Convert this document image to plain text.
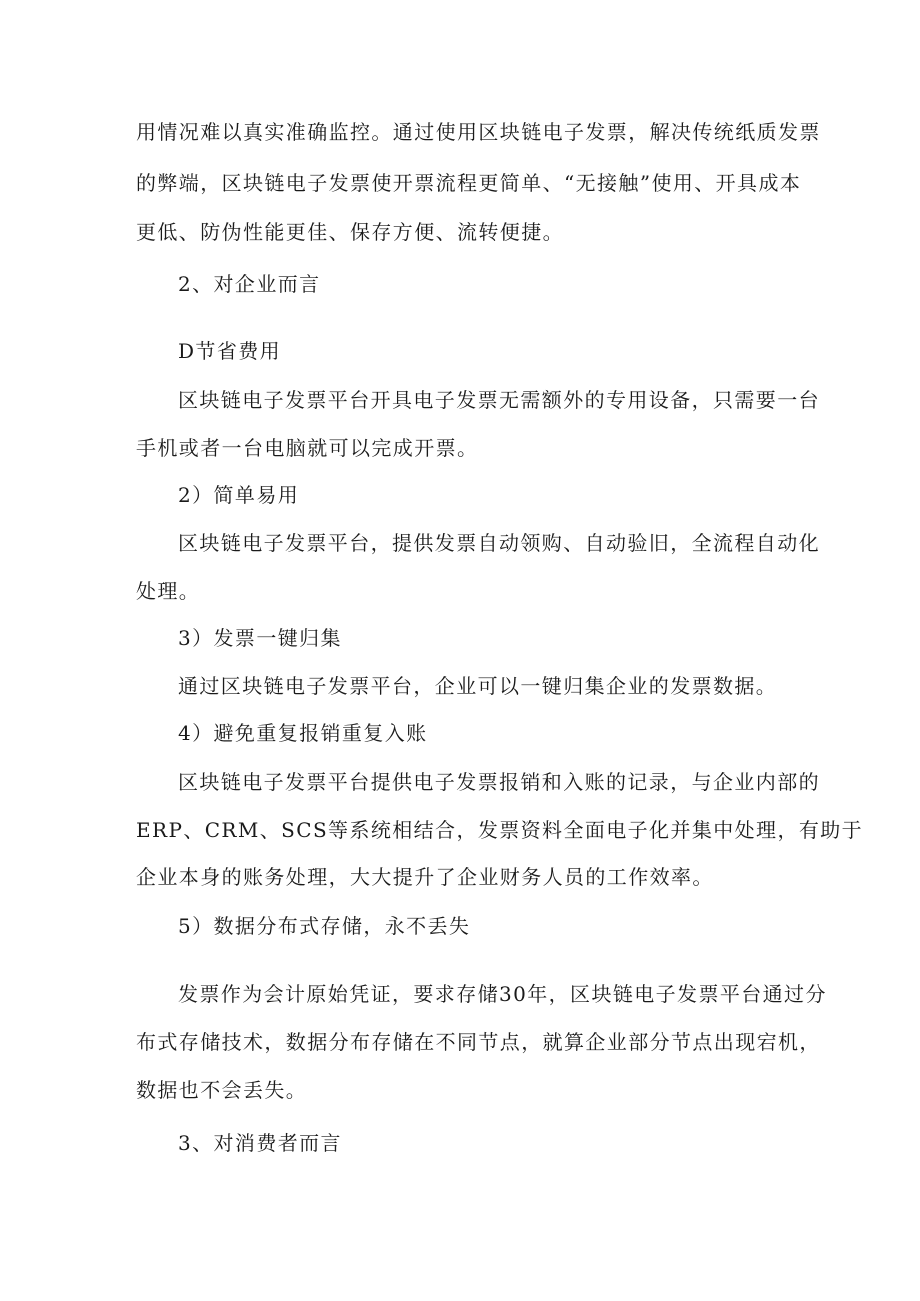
用情况难以真实准确监控。通过使用区块链电子发票，解决传统纸质发票
的弊端，区块链电子发票使开票流程更简单、“无接触”使用、开具成本
更低、防伪性能更佳、保存方便、流转便捷。
2、对企业而言
D节省费用
区块链电子发票平台开具电子发票无需额外的专用设备，只需要一台
手机或者一台电脑就可以完成开票。
2）简单易用
区块链电子发票平台，提供发票自动领购、自动验旧，全流程自动化
处理。
3）发票一键归集
通过区块链电子发票平台，企业可以一键归集企业的发票数据。
4）避免重复报销重复入账
区块链电子发票平台提供电子发票报销和入账的记录，与企业内部的
ERP、CRM、SCS等系统相结合，发票资料全面电子化并集中处理，有助于
企业本身的账务处理，大大提升了企业财务人员的工作效率。
5）数据分布式存储，永不丢失
发票作为会计原始凭证，要求存储30年，区块链电子发票平台通过分
布式存储技术，数据分布存储在不同节点，就算企业部分节点出现宕机，
数据也不会丢失。
3、对消费者而言
